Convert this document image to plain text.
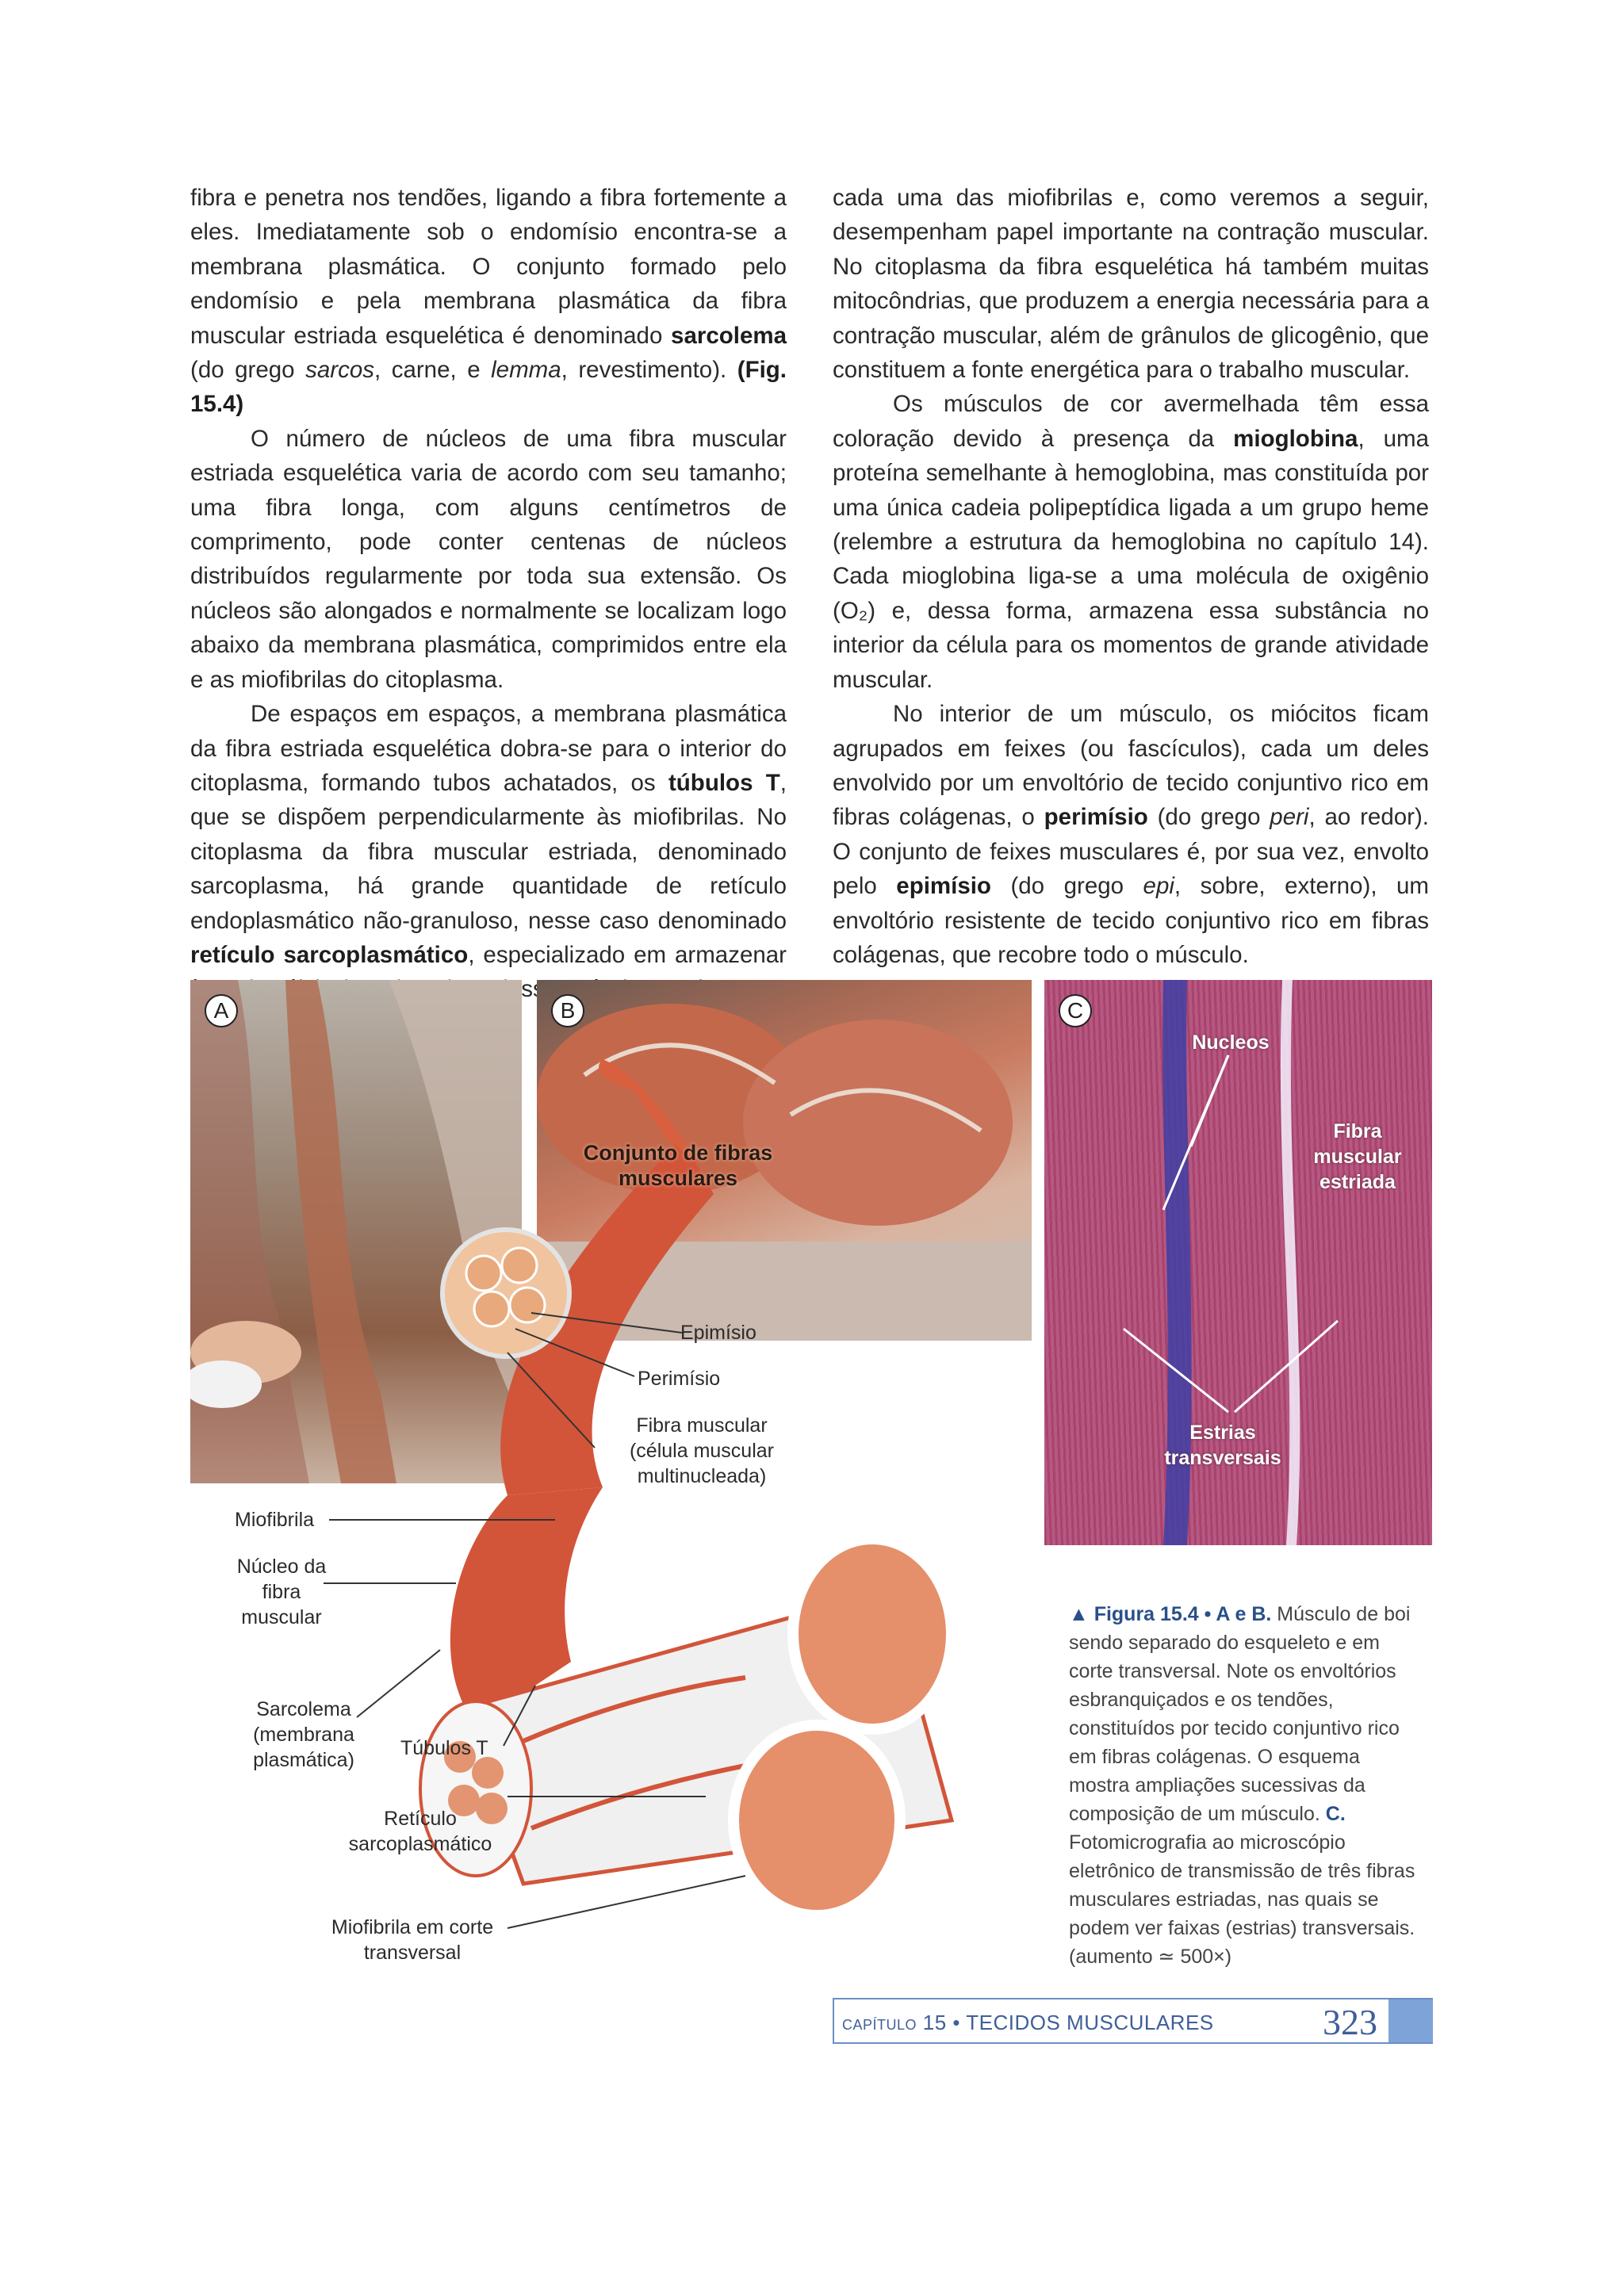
fibra e penetra nos tendões, ligando a fibra fortemente a eles. Imediatamente sob o endomísio encontra-se a membrana plasmática. O conjunto formado pelo endomísio e pela membrana plasmática da fibra muscular estriada esquelética é denominado sarcolema (do grego sarcos, carne, e lemma, revestimento). (Fig. 15.4)

O número de núcleos de uma fibra muscular estriada esquelética varia de acordo com seu tamanho; uma fibra longa, com alguns centímetros de comprimento, pode conter centenas de núcleos distribuídos regularmente por toda sua extensão. Os núcleos são alongados e normalmente se localizam logo abaixo da membrana plasmática, comprimidos entre ela e as miofibrilas do citoplasma.

De espaços em espaços, a membrana plasmática da fibra estriada esquelética dobra-se para o interior do citoplasma, formando tubos achatados, os túbulos T, que se dispõem perpendicularmente às miofibrilas. No citoplasma da fibra muscular estriada, denominado sarcoplasma, há grande quantidade de retículo endoplasmático não-granuloso, nesse caso denominado retículo sarcoplasmático, especializado em armazenar desse

cada uma das miofibrilas e, como veremos a seguir, desempenham papel importante na contração muscular. No citoplasma da fibra esquelética há também muitas mitocôndrias, que produzem a energia necessária para a contração muscular, além de grânulos de glicogênio, que constituem a fonte energética para o trabalho muscular.

Os músculos de cor avermelhada têm essa coloração devido à presença da mioglobina, uma proteína semelhante à hemoglobina, mas constituída por uma única cadeia polipeptídica ligada a um grupo heme (relembre a estrutura da hemoglobina no capítulo 14). Cada mioglobina liga-se a uma molécula de oxigênio (O₂) e, dessa forma, armazena essa substância no interior da célula para os momentos de grande atividade muscular.

No interior de um músculo, os miócitos ficam agrupados em feixes (ou fascículos), cada um deles envolvido por um envoltório de tecido conjuntivo rico em fibras colágenas, o perimísio (do grego peri, ao redor). O conjunto de feixes musculares é, por sua vez, envolto pelo epimísio (do grego epi, sobre, externo), um envoltório resistente de tecido conjuntivo rico em fibras colágenas, que recobre todo o músculo.

A	B	C
Nucleos
Fibra muscular estriada
Estrias transversais
Conjunto de fibras musculares
Epimísio
Perimísio
Fibra muscular (célula muscular multinucleada)
Miofibrila
Núcleo da fibra muscular
Sarcolema (membrana plasmática)
Túbulos T
Retículo sarcoplasmático
Miofibrila em corte transversal
▲ Figura 15.4 • A e B. Músculo de boi sendo separado do esqueleto e em corte transversal. Note os envoltórios esbranquiçados e os tendões, constituídos por tecido conjuntivo rico em fibras colágenas. O esquema mostra ampliações sucessivas da composição de um músculo. C. Fotomicrografia ao microscópio eletrônico de transmissão de três fibras musculares estriadas, nas quais se podem ver faixas (estrias) transversais. (aumento ≃ 500×)
CAPÍTULO 15 • TECIDOS MUSCULARES	323
